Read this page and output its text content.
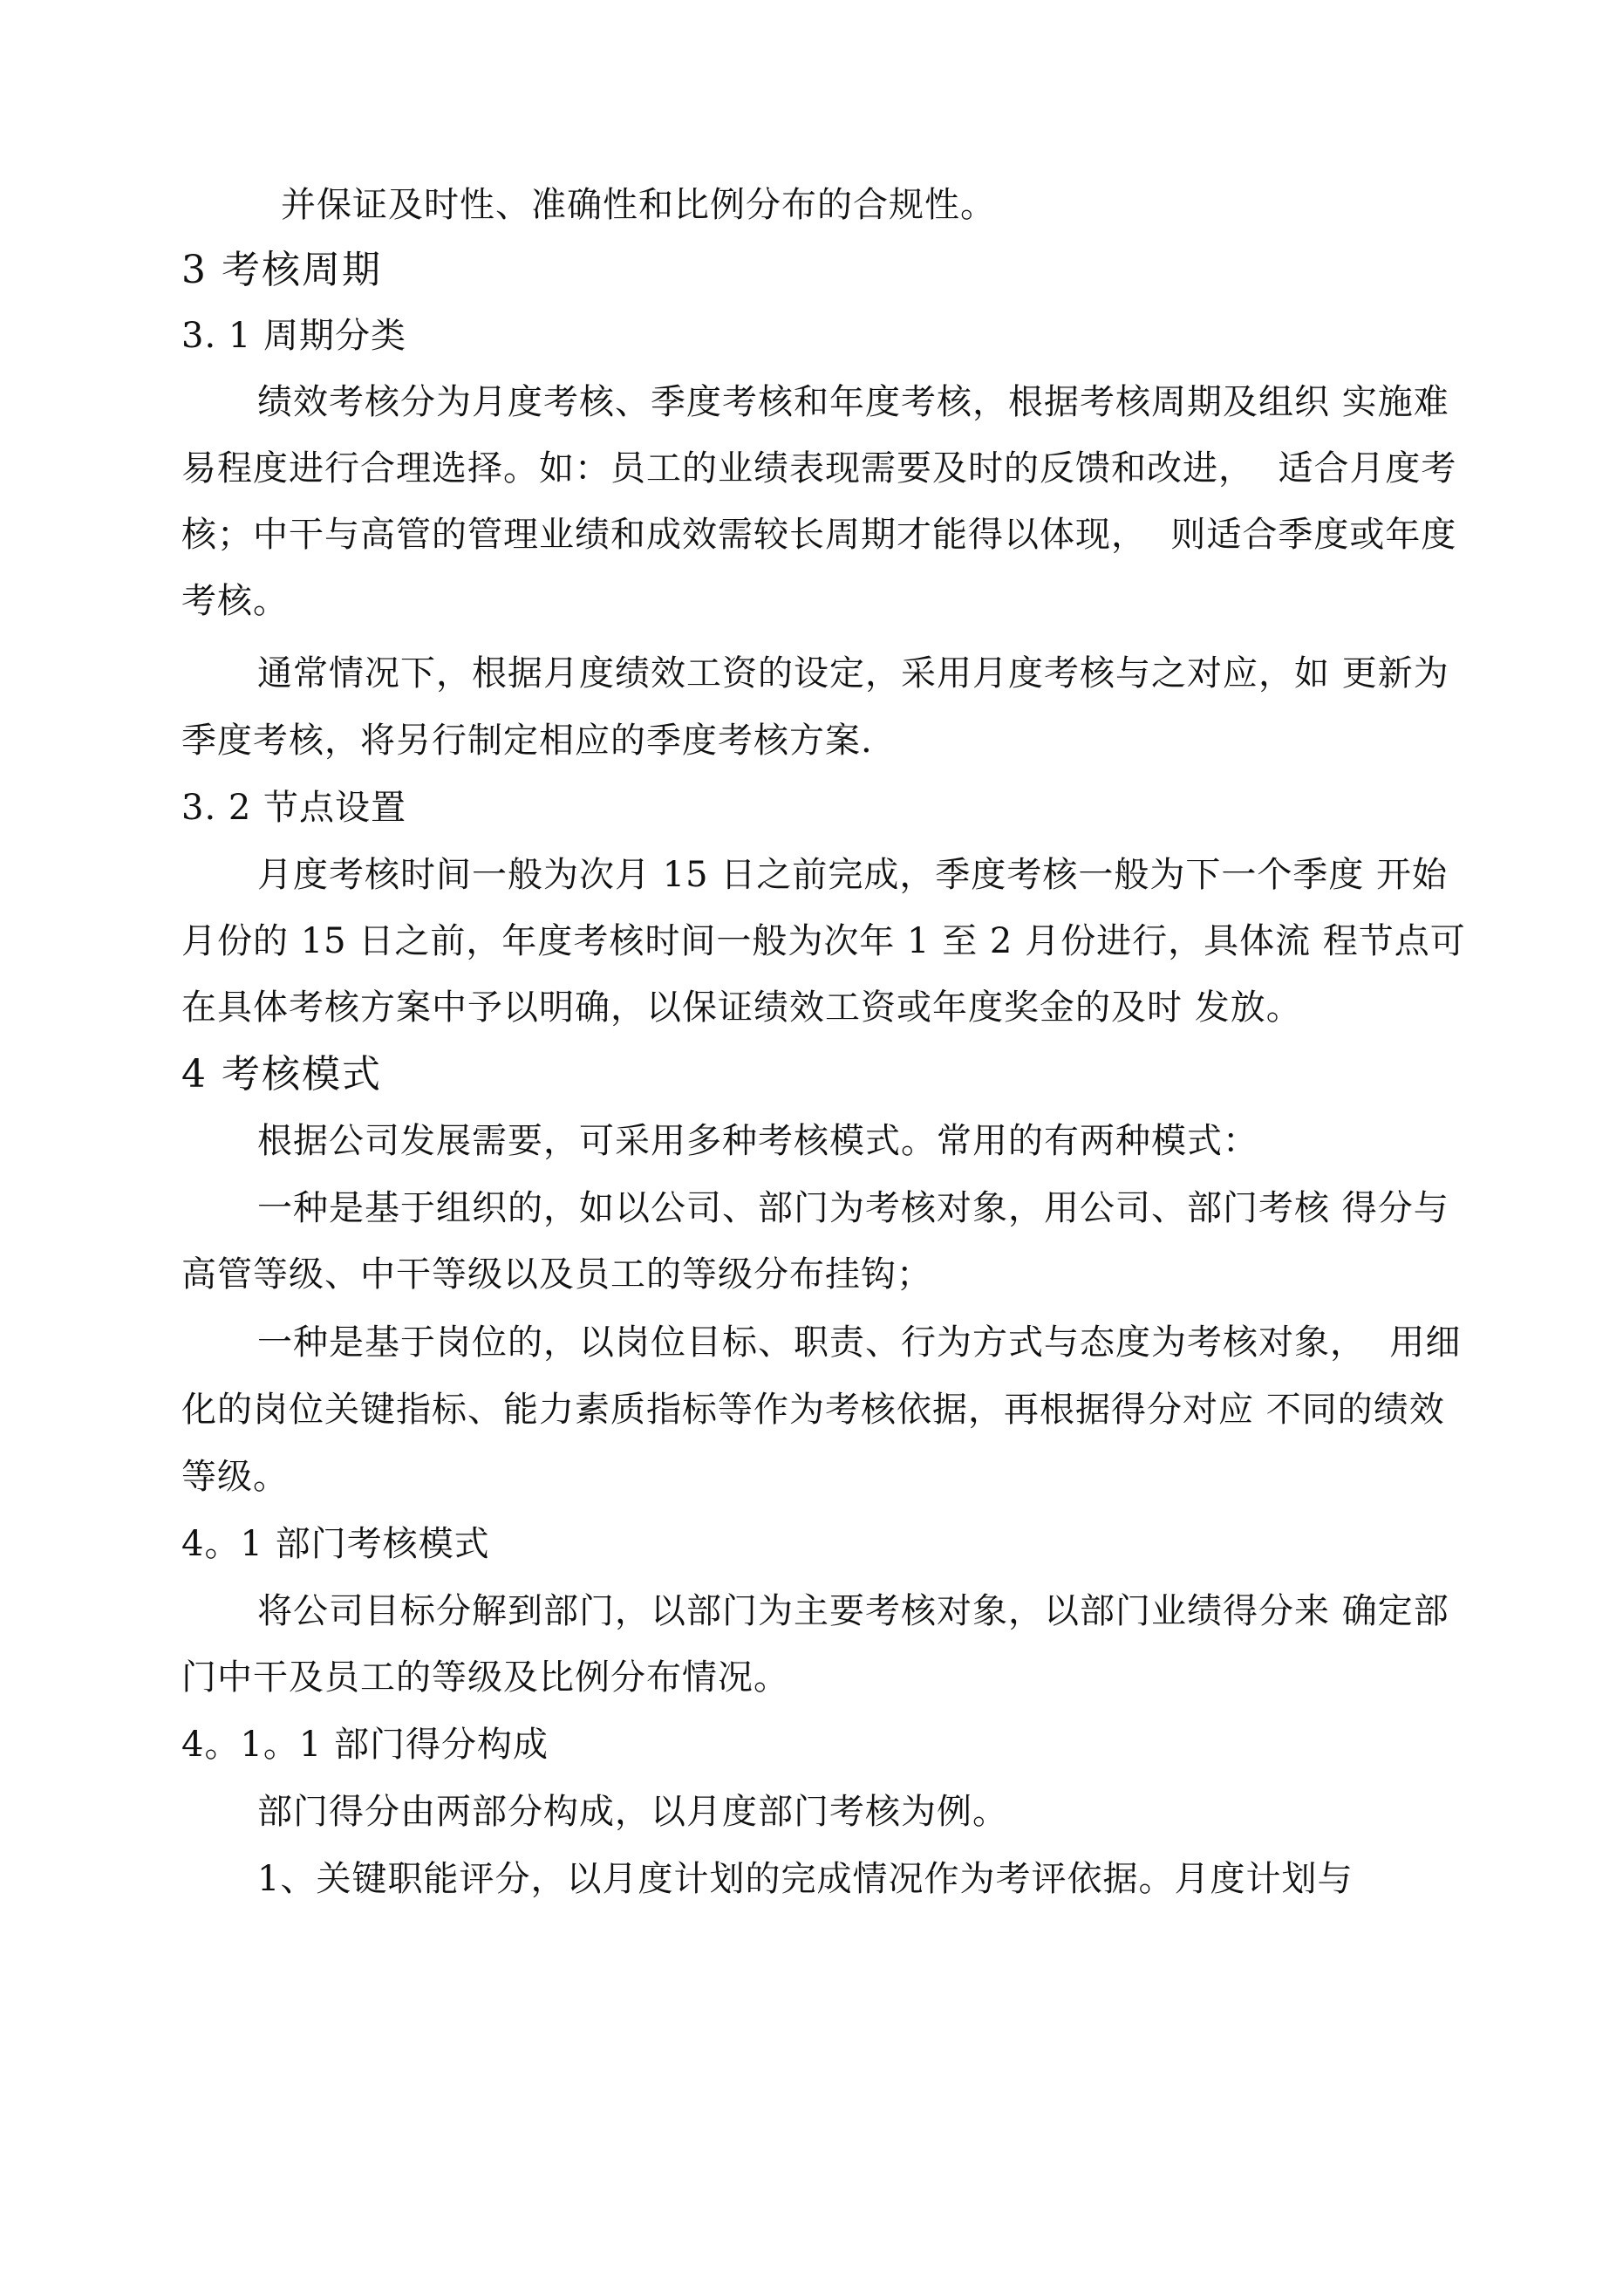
并保证及时性、准确性和比例分布的合规性。
3 考核周期
3. 1 周期分类
绩效考核分为月度考核、季度考核和年度考核，根据考核周期及组织 实施难
易程度进行合理选择。如：员工的业绩表现需要及时的反馈和改进，  适合月度考
核；中干与高管的管理业绩和成效需较长周期才能得以体现，  则适合季度或年度
考核。
通常情况下，根据月度绩效工资的设定，采用月度考核与之对应，如 更新为
季度考核，将另行制定相应的季度考核方案.
3. 2 节点设置
月度考核时间一般为次月 15 日之前完成，季度考核一般为下一个季度 开始
月份的 15 日之前，年度考核时间一般为次年 1 至 2 月份进行，具体流 程节点可
在具体考核方案中予以明确，以保证绩效工资或年度奖金的及时 发放。
4 考核模式
根据公司发展需要，可采用多种考核模式。常用的有两种模式：
一种是基于组织的，如以公司、部门为考核对象，用公司、部门考核 得分与
高管等级、中干等级以及员工的等级分布挂钩；
一种是基于岗位的，以岗位目标、职责、行为方式与态度为考核对象，  用细
化的岗位关键指标、能力素质指标等作为考核依据，再根据得分对应 不同的绩效
等级。
4。1 部门考核模式
将公司目标分解到部门，以部门为主要考核对象，以部门业绩得分来 确定部
门中干及员工的等级及比例分布情况。
4。1。1 部门得分构成
部门得分由两部分构成，以月度部门考核为例。
1、关键职能评分，以月度计划的完成情况作为考评依据。月度计划与
